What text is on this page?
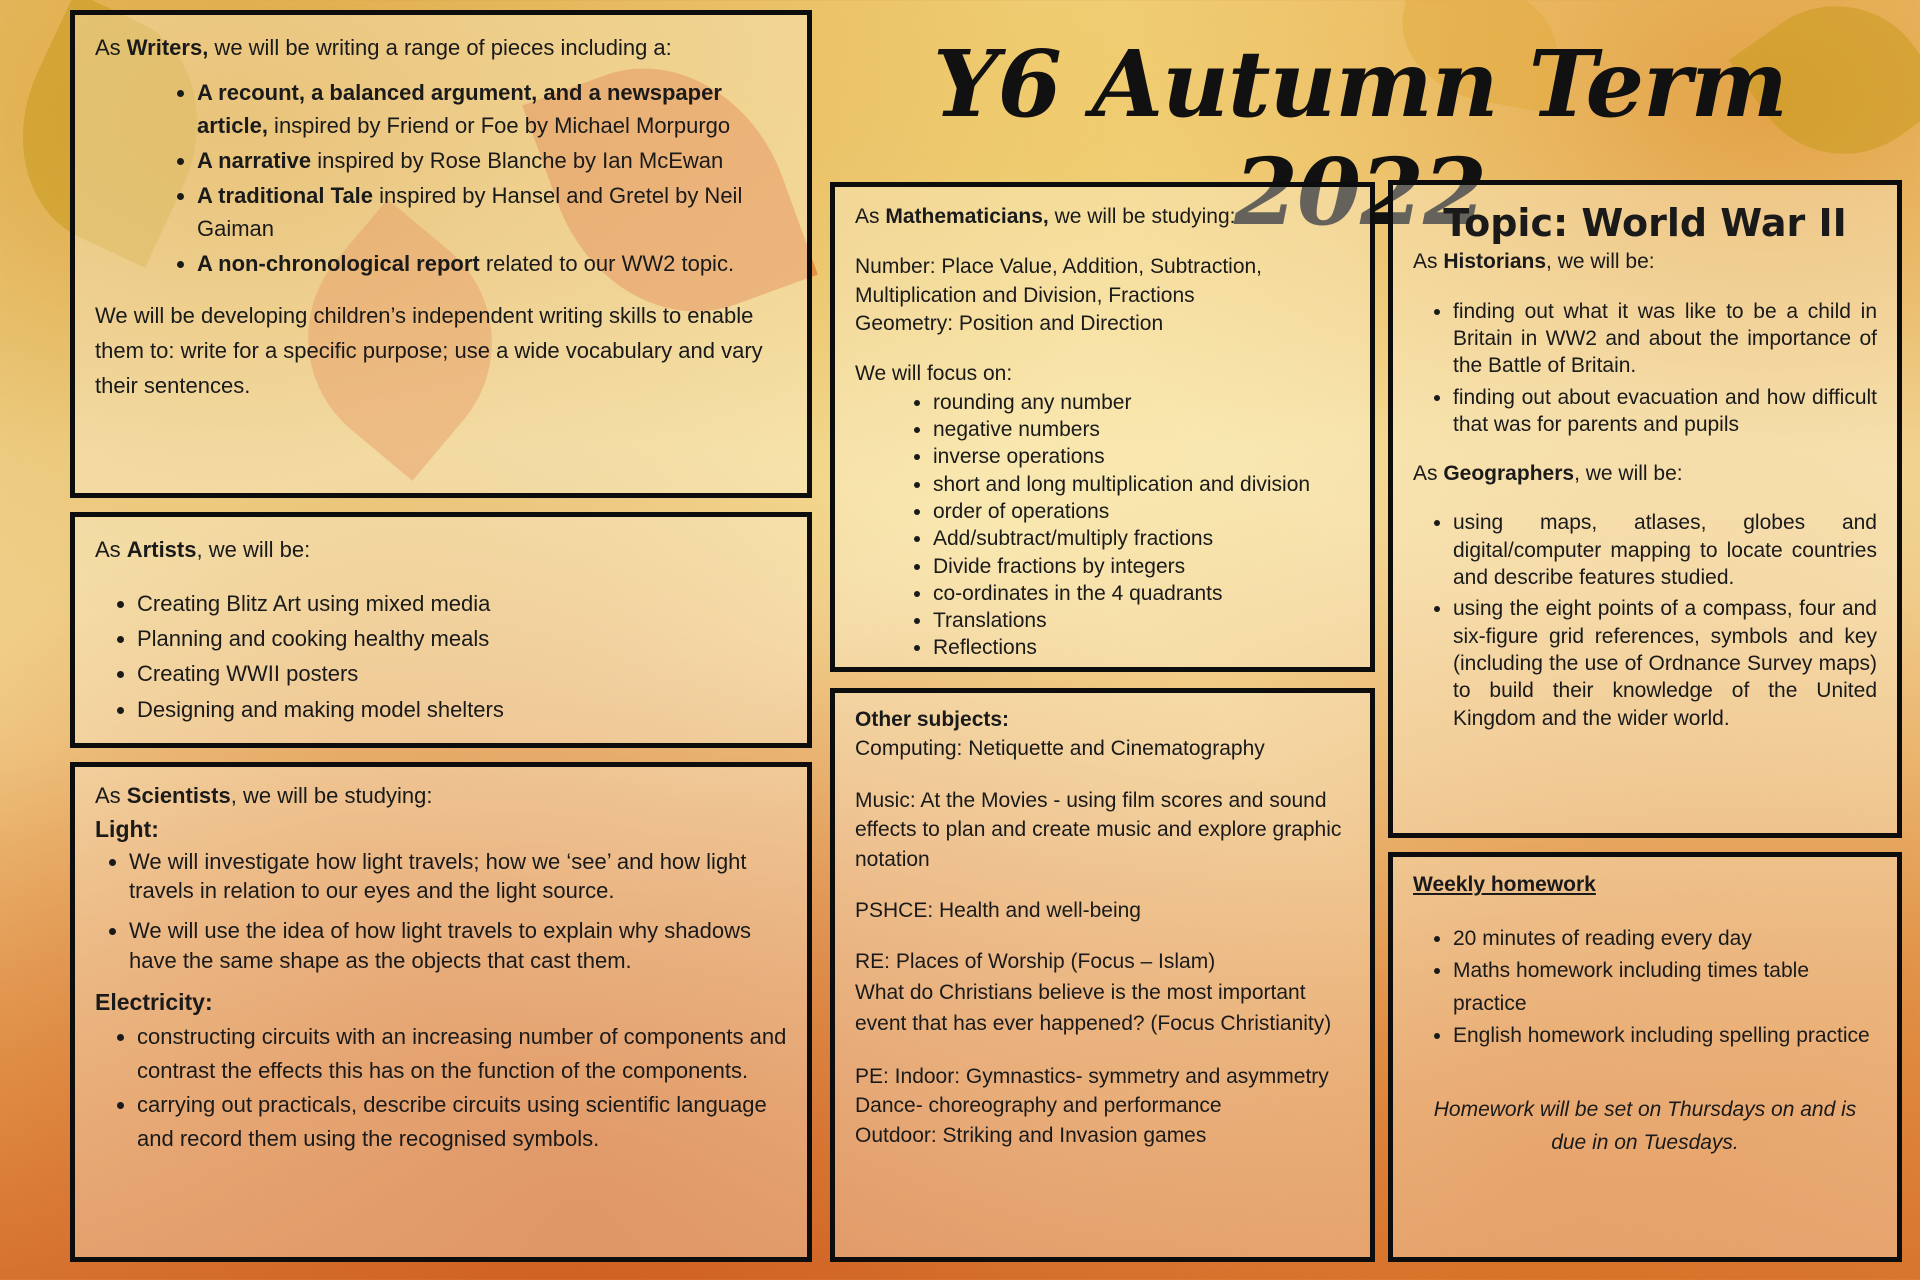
Y6 Autumn Term 2022

As Writers, we will be writing a range of pieces including a:

• A recount, a balanced argument, and a newspaper article, inspired by Friend or Foe by Michael Morpurgo
• A narrative inspired by Rose Blanche by Ian McEwan
• A traditional Tale inspired by Hansel and Gretel by Neil Gaiman
• A non-chronological report related to our WW2 topic.

We will be developing children’s independent writing skills to enable them to: write for a specific purpose; use a wide vocabulary and vary their sentences.

As Artists, we will be:

• Creating Blitz Art using mixed media
• Planning and cooking healthy meals
• Creating WWII posters
• Designing and making model shelters

As Scientists, we will be studying:

Light:

• We will investigate how light travels; how we ‘see’ and how light travels in relation to our eyes and the light source.
• We will use the idea of how light travels to explain why shadows have the same shape as the objects that cast them.

Electricity:

• constructing circuits with an increasing number of components and contrast the effects this has on the function of the components.
• carrying out practicals, describe circuits using scientific language and record them using the recognised symbols.

As Mathematicians, we will be studying:

Number: Place Value, Addition, Subtraction, Multiplication and Division, Fractions

Geometry: Position and Direction

We will focus on:

• rounding any number
• negative numbers
• inverse operations
• short and long multiplication and division
• order of operations
• Add/subtract/multiply fractions
• Divide fractions by integers
• co-ordinates in the 4 quadrants
• Translations
• Reflections

Other subjects:

Computing: Netiquette and Cinematography

Music: At the Movies - using film scores and sound effects to plan and create music and explore graphic notation

PSHCE: Health and well-being

RE: Places of Worship (Focus – Islam)

What do Christians believe is the most important event that has ever happened? (Focus Christianity)

PE: Indoor: Gymnastics- symmetry and asymmetry

Dance- choreography and performance

Outdoor: Striking and Invasion games

Topic: World War II

As Historians, we will be:

• finding out what it was like to be a child in Britain in WW2 and about the importance of the Battle of Britain.
• finding out about evacuation and how difficult that was for parents and pupils

As Geographers, we will be:

• using maps, atlases, globes and digital/computer mapping to locate countries and describe features studied.
• using the eight points of a compass, four and six-figure grid references, symbols and key (including the use of Ordnance Survey maps) to build their knowledge of the United Kingdom and the wider world.

Weekly homework

• 20 minutes of reading every day
• Maths homework including times table practice
• English homework including spelling practice

Homework will be set on Thursdays on and is due in on Tuesdays.
